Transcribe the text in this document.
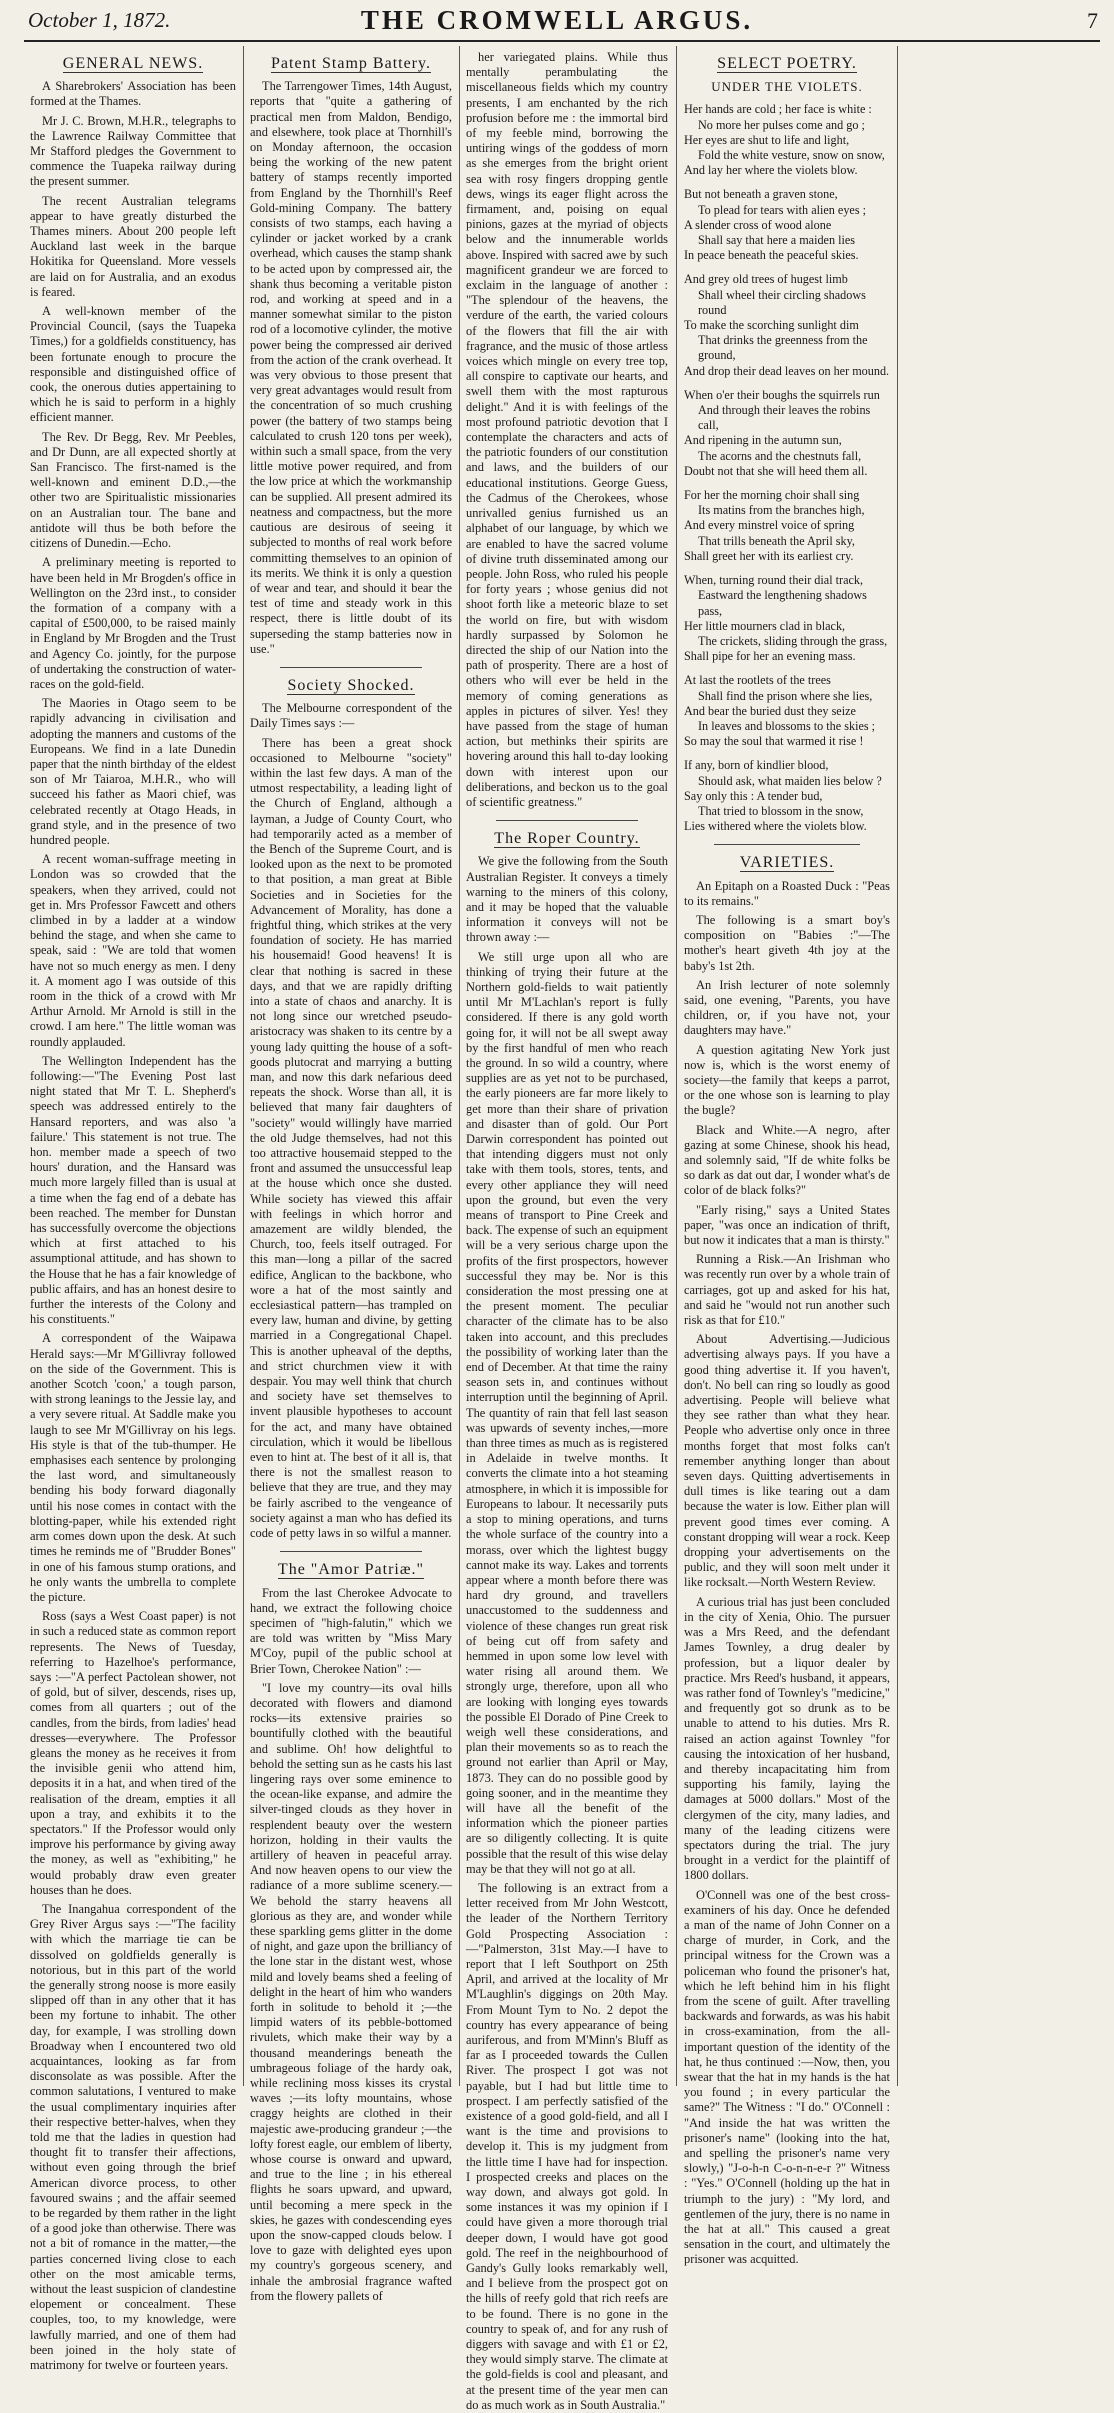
October 1, 1872.	THE CROMWELL ARGUS.	7
GENERAL NEWS.

A Sharebrokers' Association has been formed at the Thames.

Mr J. C. Brown, M.H.R., telegraphs to the Lawrence Railway Committee that Mr Stafford pledges the Government to commence the Tuapeka railway during the present summer.

The recent Australian telegrams appear to have greatly disturbed the Thames miners. About 200 people left Auckland last week in the barque Hokitika for Queensland. More vessels are laid on for Australia, and an exodus is feared.

A well-known member of the Provincial Council, (says the Tuapeka Times,) for a goldfields constituency, has been fortunate enough to procure the responsible and distinguished office of cook, the onerous duties appertaining to which he is said to perform in a highly efficient manner.

The Rev. Dr Begg, Rev. Mr Peebles, and Dr Dunn, are all expected shortly at San Francisco. The first-named is the well-known and eminent D.D.,—the other two are Spiritualistic missionaries on an Australian tour. The bane and antidote will thus be both before the citizens of Dunedin.—Echo.

A preliminary meeting is reported to have been held in Mr Brogden's office in Wellington on the 23rd inst., to consider the formation of a company with a capital of £500,000, to be raised mainly in England by Mr Brogden and the Trust and Agency Co. jointly, for the purpose of undertaking the construction of water-races on the gold-field.

The Maories in Otago seem to be rapidly advancing in civilisation and adopting the manners and customs of the Europeans. We find in a late Dunedin paper that the ninth birthday of the eldest son of Mr Taiaroa, M.H.R., who will succeed his father as Maori chief, was celebrated recently at Otago Heads, in grand style, and in the presence of two hundred people.

A recent woman-suffrage meeting in London was so crowded that the speakers, when they arrived, could not get in. Mrs Professor Fawcett and others climbed in by a ladder at a window behind the stage, and when she came to speak, said : "We are told that women have not so much energy as men. I deny it. A moment ago I was outside of this room in the thick of a crowd with Mr Arthur Arnold. Mr Arnold is still in the crowd. I am here." The little woman was roundly applauded.

The Wellington Independent has the following:—"The Evening Post last night stated that Mr T. L. Shepherd's speech was addressed entirely to the Hansard reporters, and was also 'a failure.' This statement is not true. The hon. member made a speech of two hours' duration, and the Hansard was much more largely filled than is usual at a time when the fag end of a debate has been reached. The member for Dunstan has successfully overcome the objections which at first attached to his assumptional attitude, and has shown to the House that he has a fair knowledge of public affairs, and has an honest desire to further the interests of the Colony and his constituents."

A correspondent of the Waipawa Herald says:—Mr M'Gillivray followed on the side of the Government. This is another Scotch 'coon,' a tough parson, with strong leanings to the Jessie lay, and a very severe ritual. At Saddle make you laugh to see Mr M'Gillivray on his legs. His style is that of the tub-thumper. He emphasises each sentence by prolonging the last word, and simultaneously bending his body forward diagonally until his nose comes in contact with the blotting-paper, while his extended right arm comes down upon the desk. At such times he reminds me of "Brudder Bones" in one of his famous stump orations, and he only wants the umbrella to complete the picture.

Ross (says a West Coast paper) is not in such a reduced state as common report represents. The News of Tuesday, referring to Hazelhoe's performance, says :—"A perfect Pactolean shower, not of gold, but of silver, descends, rises up, comes from all quarters ; out of the candles, from the birds, from ladies' head dresses—everywhere. The Professor gleans the money as he receives it from the invisible genii who attend him, deposits it in a hat, and when tired of the realisation of the dream, empties it all upon a tray, and exhibits it to the spectators." If the Professor would only improve his performance by giving away the money, as well as "exhibiting," he would probably draw even greater houses than he does.

The Inangahua correspondent of the Grey River Argus says :—"The facility with which the marriage tie can be dissolved on goldfields generally is notorious, but in this part of the world the generally strong noose is more easily slipped off than in any other that it has been my fortune to inhabit. The other day, for example, I was strolling down Broadway when I encountered two old acquaintances, looking as far from disconsolate as was possible. After the common salutations, I ventured to make the usual complimentary inquiries after their respective better-halves, when they told me that the ladies in question had thought fit to transfer their affections, without even going through the brief American divorce process, to other favoured swains ; and the affair seemed to be regarded by them rather in the light of a good joke than otherwise. There was not a bit of romance in the matter,—the parties concerned living close to each other on the most amicable terms, without the least suspicion of clandestine elopement or concealment. These couples, too, to my knowledge, were lawfully married, and one of them had been joined in the holy state of matrimony for twelve or fourteen years.

Patent Stamp Battery.

The Tarrengower Times, 14th August, reports that "quite a gathering of practical men from Maldon, Bendigo, and elsewhere, took place at Thornhill's on Monday afternoon, the occasion being the working of the new patent battery of stamps recently imported from England by the Thornhill's Reef Gold-mining Company. The battery consists of two stamps, each having a cylinder or jacket worked by a crank overhead, which causes the stamp shank to be acted upon by compressed air, the shank thus becoming a veritable piston rod, and working at speed and in a manner somewhat similar to the piston rod of a locomotive cylinder, the motive power being the compressed air derived from the action of the crank overhead. It was very obvious to those present that very great advantages would result from the concentration of so much crushing power (the battery of two stamps being calculated to crush 120 tons per week), within such a small space, from the very little motive power required, and from the low price at which the workmanship can be supplied. All present admired its neatness and compactness, but the more cautious are desirous of seeing it subjected to months of real work before committing themselves to an opinion of its merits. We think it is only a question of wear and tear, and should it bear the test of time and steady work in this respect, there is little doubt of its superseding the stamp batteries now in use."

Society Shocked.

The Melbourne correspondent of the Daily Times says :—

There has been a great shock occasioned to Melbourne "society" within the last few days. A man of the utmost respectability, a leading light of the Church of England, although a layman, a Judge of County Court, who had temporarily acted as a member of the Bench of the Supreme Court, and is looked upon as the next to be promoted to that position, a man great at Bible Societies and in Societies for the Advancement of Morality, has done a frightful thing, which strikes at the very foundation of society. He has married his housemaid! Good heavens! It is clear that nothing is sacred in these days, and that we are rapidly drifting into a state of chaos and anarchy. It is not long since our wretched pseudo-aristocracy was shaken to its centre by a young lady quitting the house of a soft-goods plutocrat and marrying a butting man, and now this dark nefarious deed repeats the shock. Worse than all, it is believed that many fair daughters of "society" would willingly have married the old Judge themselves, had not this too attractive housemaid stepped to the front and assumed the unsuccessful leap at the house which once she dusted. While society has viewed this affair with feelings in which horror and amazement are wildly blended, the Church, too, feels itself outraged. For this man—long a pillar of the sacred edifice, Anglican to the backbone, who wore a hat of the most saintly and ecclesiastical pattern—has trampled on every law, human and divine, by getting married in a Congregational Chapel. This is another upheaval of the depths, and strict churchmen view it with despair. You may well think that church and society have set themselves to invent plausible hypotheses to account for the act, and many have obtained circulation, which it would be libellous even to hint at. The best of it all is, that there is not the smallest reason to believe that they are true, and they may be fairly ascribed to the vengeance of society against a man who has defied its code of petty laws in so wilful a manner.

The "Amor Patriæ."

From the last Cherokee Advocate to hand, we extract the following choice specimen of "high-falutin," which we are told was written by "Miss Mary M'Coy, pupil of the public school at Brier Town, Cherokee Nation" :—

"I love my country—its oval hills decorated with flowers and diamond rocks—its extensive prairies so bountifully clothed with the beautiful and sublime. Oh! how delightful to behold the setting sun as he casts his last lingering rays over some eminence to the ocean-like expanse, and admire the silver-tinged clouds as they hover in resplendent beauty over the western horizon, holding in their vaults the artillery of heaven in peaceful array. And now heaven opens to our view the radiance of a more sublime scenery.—We behold the starry heavens all glorious as they are, and wonder while these sparkling gems glitter in the dome of night, and gaze upon the brilliancy of the lone star in the distant west, whose mild and lovely beams shed a feeling of delight in the heart of him who wanders forth in solitude to behold it ;—the limpid waters of its pebble-bottomed rivulets, which make their way by a thousand meanderings beneath the umbrageous foliage of the hardy oak, while reclining moss kisses its crystal waves ;—its lofty mountains, whose craggy heights are clothed in their majestic awe-producing grandeur ;—the lofty forest eagle, our emblem of liberty, whose course is onward and upward, and true to the line ; in his ethereal flights he soars upward, and upward, until becoming a mere speck in the skies, he gazes with condescending eyes upon the snow-capped clouds below. I love to gaze with delighted eyes upon my country's gorgeous scenery, and inhale the ambrosial fragrance wafted from the flowery pallets of

her variegated plains. While thus mentally perambulating the miscellaneous fields which my country presents, I am enchanted by the rich profusion before me : the immortal bird of my feeble mind, borrowing the untiring wings of the goddess of morn as she emerges from the bright orient sea with rosy fingers dropping gentle dews, wings its eager flight across the firmament, and, poising on equal pinions, gazes at the myriad of objects below and the innumerable worlds above. Inspired with sacred awe by such magnificent grandeur we are forced to exclaim in the language of another : "The splendour of the heavens, the verdure of the earth, the varied colours of the flowers that fill the air with fragrance, and the music of those artless voices which mingle on every tree top, all conspire to captivate our hearts, and swell them with the most rapturous delight." And it is with feelings of the most profound patriotic devotion that I contemplate the characters and acts of the patriotic founders of our constitution and laws, and the builders of our educational institutions. George Guess, the Cadmus of the Cherokees, whose unrivalled genius furnished us an alphabet of our language, by which we are enabled to have the sacred volume of divine truth disseminated among our people. John Ross, who ruled his people for forty years ; whose genius did not shoot forth like a meteoric blaze to set the world on fire, but with wisdom hardly surpassed by Solomon he directed the ship of our Nation into the path of prosperity. There are a host of others who will ever be held in the memory of coming generations as apples in pictures of silver. Yes! they have passed from the stage of human action, but methinks their spirits are hovering around this hall to-day looking down with interest upon our deliberations, and beckon us to the goal of scientific greatness."

The Roper Country.

We give the following from the South Australian Register. It conveys a timely warning to the miners of this colony, and it may be hoped that the valuable information it conveys will not be thrown away :—

We still urge upon all who are thinking of trying their future at the Northern gold-fields to wait patiently until Mr M'Lachlan's report is fully considered. If there is any gold worth going for, it will not be all swept away by the first handful of men who reach the ground. In so wild a country, where supplies are as yet not to be purchased, the early pioneers are far more likely to get more than their share of privation and disaster than of gold. Our Port Darwin correspondent has pointed out that intending diggers must not only take with them tools, stores, tents, and every other appliance they will need upon the ground, but even the very means of transport to Pine Creek and back. The expense of such an equipment will be a very serious charge upon the profits of the first prospectors, however successful they may be. Nor is this consideration the most pressing one at the present moment. The peculiar character of the climate has to be also taken into account, and this precludes the possibility of working later than the end of December. At that time the rainy season sets in, and continues without interruption until the beginning of April. The quantity of rain that fell last season was upwards of seventy inches,—more than three times as much as is registered in Adelaide in twelve months. It converts the climate into a hot steaming atmosphere, in which it is impossible for Europeans to labour. It necessarily puts a stop to mining operations, and turns the whole surface of the country into a morass, over which the lightest buggy cannot make its way. Lakes and torrents appear where a month before there was hard dry ground, and travellers unaccustomed to the suddenness and violence of these changes run great risk of being cut off from safety and hemmed in upon some low level with water rising all around them. We strongly urge, therefore, upon all who are looking with longing eyes towards the possible El Dorado of Pine Creek to weigh well these considerations, and plan their movements so as to reach the ground not earlier than April or May, 1873. They can do no possible good by going sooner, and in the meantime they will have all the benefit of the information which the pioneer parties are so diligently collecting. It is quite possible that the result of this wise delay may be that they will not go at all.

The following is an extract from a letter received from Mr John Westcott, the leader of the Northern Territory Gold Prospecting Association :—"Palmerston, 31st May.—I have to report that I left Southport on 25th April, and arrived at the locality of Mr M'Laughlin's diggings on 20th May. From Mount Tym to No. 2 depot the country has every appearance of being auriferous, and from M'Minn's Bluff as far as I proceeded towards the Cullen River. The prospect I got was not payable, but I had but little time to prospect. I am perfectly satisfied of the existence of a good gold-field, and all I want is the time and provisions to develop it. This is my judgment from the little time I have had for inspection. I prospected creeks and places on the way down, and always got gold. In some instances it was my opinion if I could have given a more thorough trial deeper down, I would have got good gold. The reef in the neighbourhood of Gandy's Gully looks remarkably well, and I believe from the prospect got on the hills of reefy gold that rich reefs are to be found. There is no gone in the country to speak of, and for any rush of diggers with savage and with £1 or £2, they would simply starve. The climate at the gold-fields is cool and pleasant, and at the present time of the year men can do as much work as in South Australia."

SELECT POETRY.
UNDER THE VIOLETS.

Her hands are cold ; her face is white :

No more her pulses come and go ;

Her eyes are shut to life and light,

Fold the white vesture, snow on snow,

And lay her where the violets blow.

But not beneath a graven stone,

To plead for tears with alien eyes ;

A slender cross of wood alone

Shall say that here a maiden lies

In peace beneath the peaceful skies.

And grey old trees of hugest limb

Shall wheel their circling shadows round

To make the scorching sunlight dim

That drinks the greenness from the ground,

And drop their dead leaves on her mound.

When o'er their boughs the squirrels run

And through their leaves the robins call,

And ripening in the autumn sun,

The acorns and the chestnuts fall,

Doubt not that she will heed them all.

For her the morning choir shall sing

Its matins from the branches high,

And every minstrel voice of spring

That trills beneath the April sky,

Shall greet her with its earliest cry.

When, turning round their dial track,

Eastward the lengthening shadows pass,

Her little mourners clad in black,

The crickets, sliding through the grass,

Shall pipe for her an evening mass.

At last the rootlets of the trees

Shall find the prison where she lies,

And bear the buried dust they seize

In leaves and blossoms to the skies ;

So may the soul that warmed it rise !

If any, born of kindlier blood,

Should ask, what maiden lies below ?

Say only this : A tender bud,

That tried to blossom in the snow,

Lies withered where the violets blow.

VARIETIES.

An Epitaph on a Roasted Duck : "Peas to its remains."

The following is a smart boy's composition on "Babies :"—The mother's heart giveth 4th joy at the baby's 1st 2th.

An Irish lecturer of note solemnly said, one evening, "Parents, you have children, or, if you have not, your daughters may have."

A question agitating New York just now is, which is the worst enemy of society—the family that keeps a parrot, or the one whose son is learning to play the bugle?

Black and White.—A negro, after gazing at some Chinese, shook his head, and solemnly said, "If de white folks be so dark as dat out dar, I wonder what's de color of de black folks?"

"Early rising," says a United States paper, "was once an indication of thrift, but now it indicates that a man is thirsty."

Running a Risk.—An Irishman who was recently run over by a whole train of carriages, got up and asked for his hat, and said he "would not run another such risk as that for £10."

About Advertising.—Judicious advertising always pays. If you have a good thing advertise it. If you haven't, don't. No bell can ring so loudly as good advertising. People will believe what they see rather than what they hear. People who advertise only once in three months forget that most folks can't remember anything longer than about seven days. Quitting advertisements in dull times is like tearing out a dam because the water is low. Either plan will prevent good times ever coming. A constant dropping will wear a rock. Keep dropping your advertisements on the public, and they will soon melt under it like rocksalt.—North Western Review.

A curious trial has just been concluded in the city of Xenia, Ohio. The pursuer was a Mrs Reed, and the defendant James Townley, a drug dealer by profession, but a liquor dealer by practice. Mrs Reed's husband, it appears, was rather fond of Townley's "medicine," and frequently got so drunk as to be unable to attend to his duties. Mrs R. raised an action against Townley "for causing the intoxication of her husband, and thereby incapacitating him from supporting his family, laying the damages at 5000 dollars." Most of the clergymen of the city, many ladies, and many of the leading citizens were spectators during the trial. The jury brought in a verdict for the plaintiff of 1800 dollars.

O'Connell was one of the best cross-examiners of his day. Once he defended a man of the name of John Conner on a charge of murder, in Cork, and the principal witness for the Crown was a policeman who found the prisoner's hat, which he left behind him in his flight from the scene of guilt. After travelling backwards and forwards, as was his habit in cross-examination, from the all-important question of the identity of the hat, he thus continued :—Now, then, you swear that the hat in my hands is the hat you found ; in every particular the same?" The Witness : "I do." O'Connell : "And inside the hat was written the prisoner's name" (looking into the hat, and spelling the prisoner's name very slowly,) "J-o-h-n C-o-n-n-e-r ?" Witness : "Yes." O'Connell (holding up the hat in triumph to the jury) : "My lord, and gentlemen of the jury, there is no name in the hat at all." This caused a great sensation in the court, and ultimately the prisoner was acquitted.
